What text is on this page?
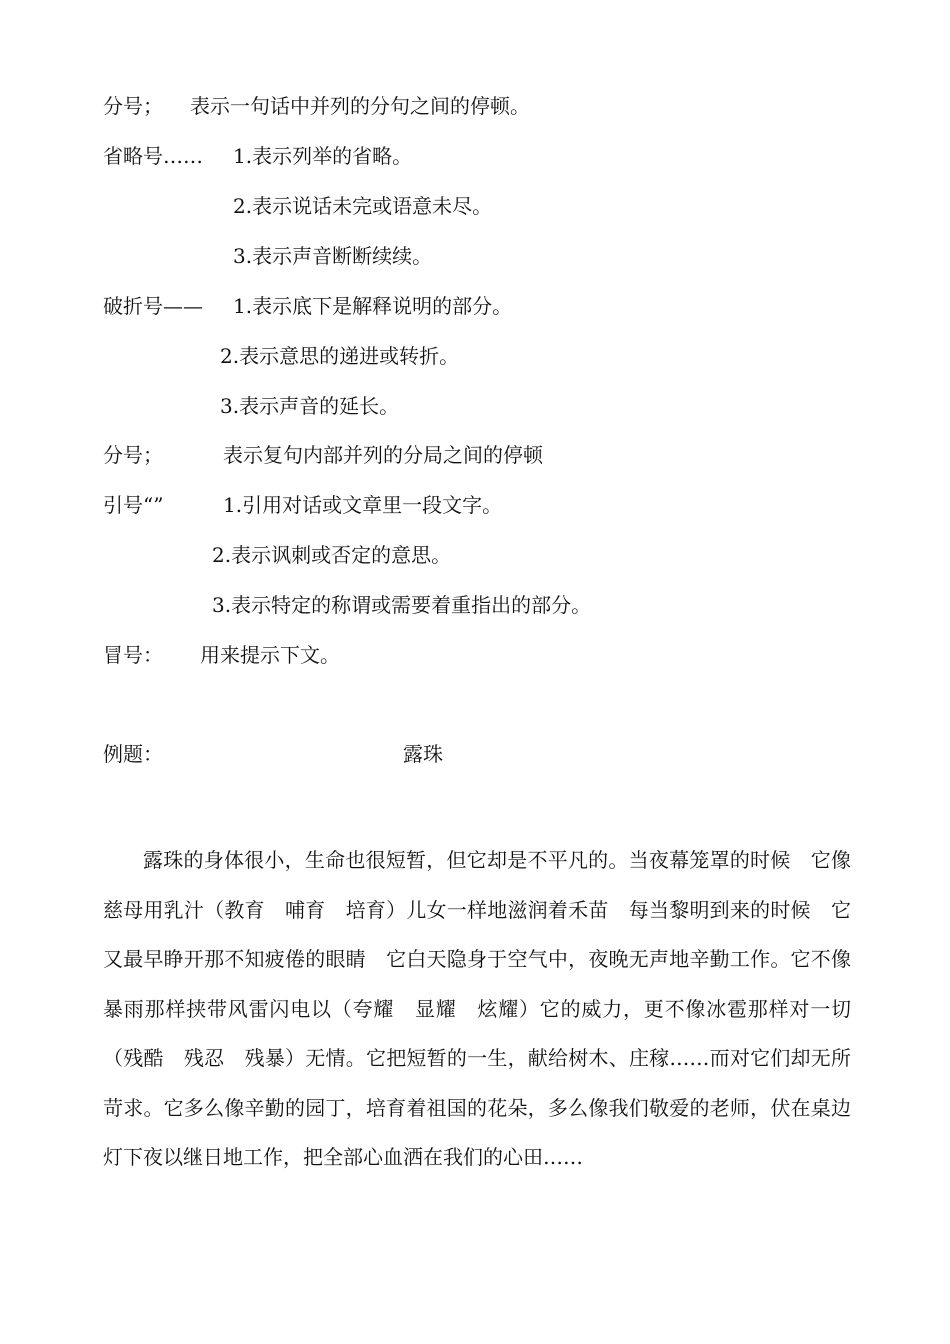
分号； 表示一句话中并列的分句之间的停顿。
省略号…… 1.表示列举的省略。
2.表示说话未完或语意未尽。
3.表示声音断断续续。
破折号—— 1.表示底下是解释说明的部分。
2.表示意思的递进或转折。
3.表示声音的延长。
分号；	表示复句内部并列的分局之间的停顿
引号“”	1.引用对话或文章里一段文字。
2.表示讽刺或否定的意思。
3.表示特定的称谓或需要着重指出的部分。
冒号： 用来提示下文。
例题：	露珠
露珠的身体很小，生命也很短暂，但它却是不平凡的。当夜幕笼罩的时候　它像慈母用乳汁（教育　哺育　培育）儿女一样地滋润着禾苗　每当黎明到来的时候　它又最早睁开那不知疲倦的眼睛　它白天隐身于空气中，夜晚无声地辛勤工作。它不像暴雨那样挟带风雷闪电以（夸耀　显耀　炫耀）它的威力，更不像冰雹那样对一切（残酷　残忍　残暴）无情。它把短暂的一生，献给树木、庄稼……而对它们却无所苛求。它多么像辛勤的园丁，培育着祖国的花朵，多么像我们敬爱的老师，伏在桌边灯下夜以继日地工作，把全部心血洒在我们的心田……
